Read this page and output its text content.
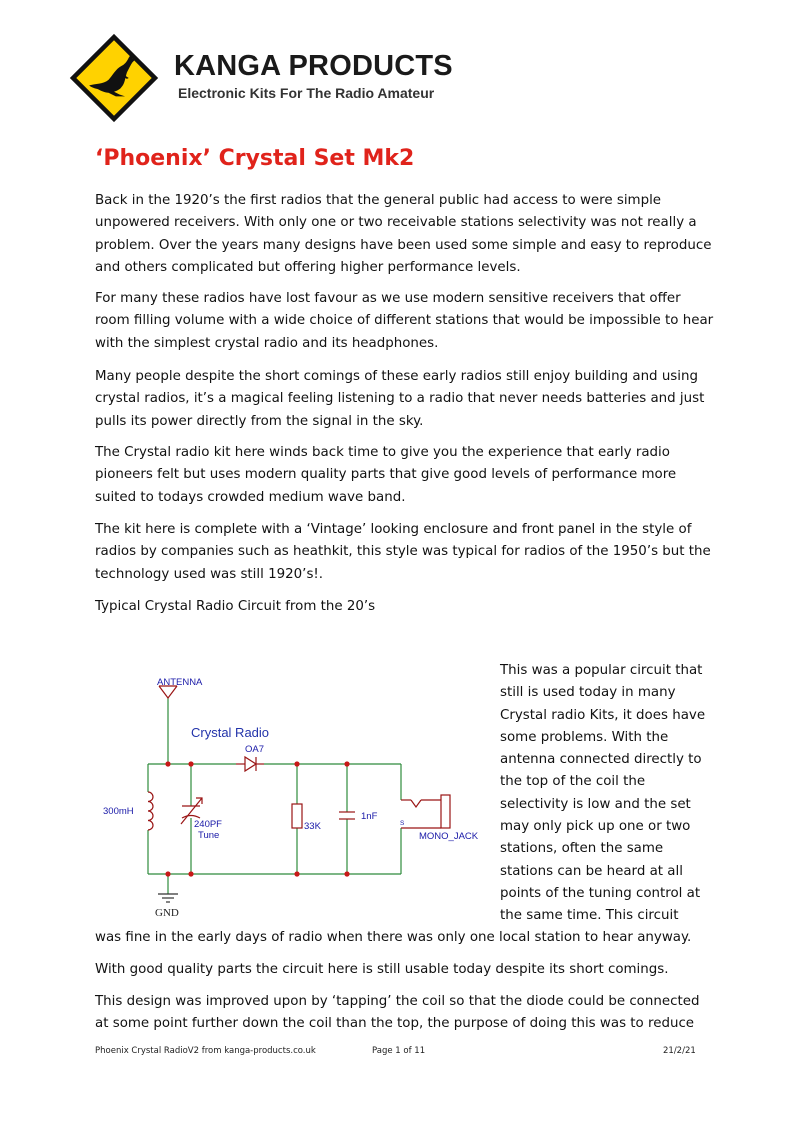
KANGA PRODUCTS
Electronic Kits For The Radio Amateur
‘Phoenix’ Crystal Set Mk2

Back in the 1920’s the first radios that the general public had access to were simple unpowered receivers. With only one or two receivable stations selectivity was not really a problem. Over the years many designs have been used some simple and easy to reproduce and others complicated but offering higher performance levels.

For many these radios have lost favour as we use modern sensitive receivers that offer room filling volume with a wide choice of different stations that would be impossible to hear with the simplest crystal radio and its headphones.

Many people despite the short comings of these early radios still enjoy building and using crystal radios, it’s a magical feeling listening to a radio that never needs batteries and just pulls its power directly from the signal in the sky.

The Crystal radio kit here winds back time to give you the experience that early radio pioneers felt but uses modern quality parts that give good levels of performance more suited to todays crowded medium wave band.

The kit here is complete with a ‘Vintage’ looking enclosure and front panel in the style of radios by companies such as heathkit, this style was typical for radios of the 1950’s but the technology used was still 1920’s!.

Typical Crystal Radio Circuit from the 20’s

ANTENNA
Crystal Radio
OA7
300mH
240PF
Tune
33K
1nF
S
MONO_JACK
GND

This was a popular circuit that still is used today in many Crystal radio Kits, it does have some problems. With the antenna connected directly to the top of the coil the selectivity is low and the set may only pick up one or two stations, often the same stations can be heard at all points of the tuning control at the same time. This circuit

was fine in the early days of radio when there was only one local station to hear anyway.

With good quality parts the circuit here is still usable today despite its short comings.

This design was improved upon by ‘tapping’ the coil so that the diode could be connected at some point further down the coil than the top, the purpose of doing this was to reduce

Phoenix Crystal RadioV2 from kanga-products.co.uk	Page 1 of 11	21/2/21
